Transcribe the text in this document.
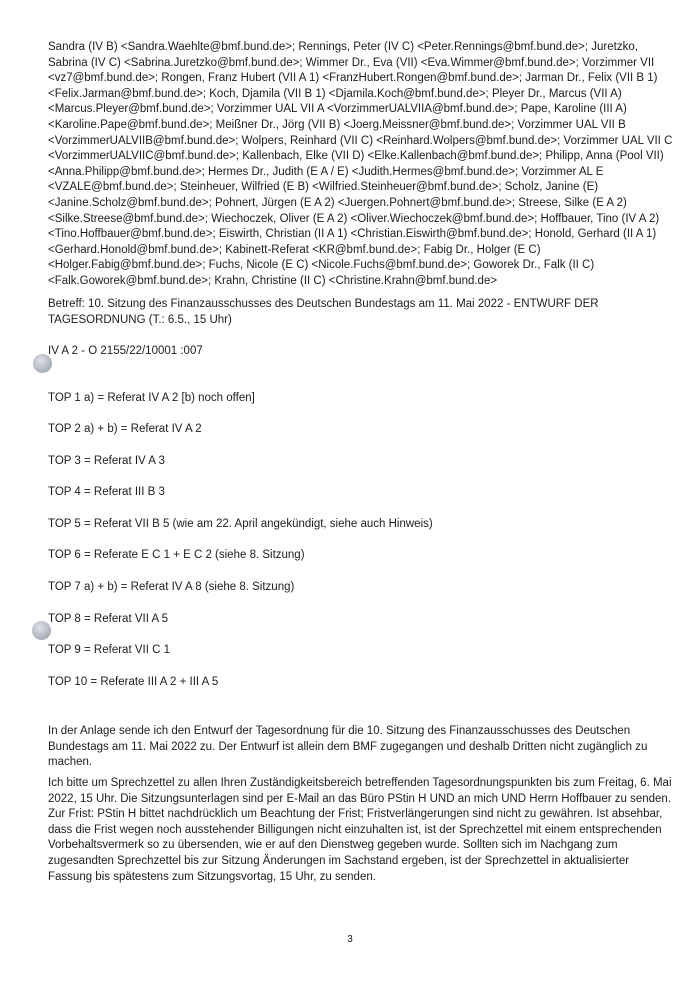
Sandra (IV B) <Sandra.Waehlte@bmf.bund.de>; Rennings, Peter (IV C) <Peter.Rennings@bmf.bund.de>; Juretzko, Sabrina (IV C) <Sabrina.Juretzko@bmf.bund.de>; Wimmer Dr., Eva (VII) <Eva.Wimmer@bmf.bund.de>; Vorzimmer VII <vz7@bmf.bund.de>; Rongen, Franz Hubert (VII A 1) <FranzHubert.Rongen@bmf.bund.de>; Jarman Dr., Felix (VII B 1) <Felix.Jarman@bmf.bund.de>; Koch, Djamila (VII B 1) <Djamila.Koch@bmf.bund.de>; Pleyer Dr., Marcus (VII A) <Marcus.Pleyer@bmf.bund.de>; Vorzimmer UAL VII A <VorzimmerUALVIIA@bmf.bund.de>; Pape, Karoline (III A) <Karoline.Pape@bmf.bund.de>; Meißner Dr., Jörg (VII B) <Joerg.Meissner@bmf.bund.de>; Vorzimmer UAL VII B <VorzimmerUALVIIB@bmf.bund.de>; Wolpers, Reinhard (VII C) <Reinhard.Wolpers@bmf.bund.de>; Vorzimmer UAL VII C <VorzimmerUALVIIC@bmf.bund.de>; Kallenbach, Elke (VII D) <Elke.Kallenbach@bmf.bund.de>; Philipp, Anna (Pool VII) <Anna.Philipp@bmf.bund.de>; Hermes Dr., Judith (E A / E) <Judith.Hermes@bmf.bund.de>; Vorzimmer AL E <VZALE@bmf.bund.de>; Steinheuer, Wilfried (E B) <Wilfried.Steinheuer@bmf.bund.de>; Scholz, Janine (E) <Janine.Scholz@bmf.bund.de>; Pohnert, Jürgen (E A 2) <Juergen.Pohnert@bmf.bund.de>; Streese, Silke (E A 2) <Silke.Streese@bmf.bund.de>; Wiechoczek, Oliver (E A 2) <Oliver.Wiechoczek@bmf.bund.de>; Hoffbauer, Tino (IV A 2) <Tino.Hoffbauer@bmf.bund.de>; Eiswirth, Christian (II A 1) <Christian.Eiswirth@bmf.bund.de>; Honold, Gerhard (II A 1) <Gerhard.Honold@bmf.bund.de>; Kabinett-Referat <KR@bmf.bund.de>; Fabig Dr., Holger (E C) <Holger.Fabig@bmf.bund.de>; Fuchs, Nicole (E C) <Nicole.Fuchs@bmf.bund.de>; Goworek Dr., Falk (II C) <Falk.Goworek@bmf.bund.de>; Krahn, Christine (II C) <Christine.Krahn@bmf.bund.de>

Betreff: 10. Sitzung des Finanzausschusses des Deutschen Bundestags am 11. Mai 2022 - ENTWURF DER TAGESORDNUNG (T.: 6.5., 15 Uhr)

IV A 2 - O 2155/22/10001 :007

TOP 1 a) = Referat IV A 2 [b) noch offen]

TOP 2 a) + b) = Referat IV A 2

TOP 3 = Referat IV A 3

TOP 4 = Referat III B 3

TOP 5 = Referat VII B 5 (wie am 22. April angekündigt, siehe auch Hinweis)

TOP 6 = Referate E C 1 + E C 2 (siehe 8. Sitzung)

TOP 7 a) + b) = Referat IV A 8 (siehe 8. Sitzung)

TOP 8 = Referat VII A 5

TOP 9 = Referat VII C 1

TOP 10 = Referate III A 2 + III A 5

In der Anlage sende ich den Entwurf der Tagesordnung für die 10. Sitzung des Finanzausschusses des Deutschen Bundestags am 11. Mai 2022 zu. Der Entwurf ist allein dem BMF zugegangen und deshalb Dritten nicht zugänglich zu machen.

Ich bitte um Sprechzettel zu allen Ihren Zuständigkeitsbereich betreffenden Tagesordnungspunkten bis zum Freitag, 6. Mai 2022, 15 Uhr. Die Sitzungsunterlagen sind per E-Mail an das Büro PStin H UND an mich UND Herrn Hoffbauer zu senden. Zur Frist: PStin H bittet nachdrücklich um Beachtung der Frist; Fristverlängerungen sind nicht zu gewähren. Ist absehbar, dass die Frist wegen noch ausstehender Billigungen nicht einzuhalten ist, ist der Sprechzettel mit einem entsprechenden Vorbehaltsvermerk so zu übersenden, wie er auf den Dienstweg gegeben wurde. Sollten sich im Nachgang zum zugesandten Sprechzettel bis zur Sitzung Änderungen im Sachstand ergeben, ist der Sprechzettel in aktualisierter Fassung bis spätestens zum Sitzungsvortag, 15 Uhr, zu senden.

3
